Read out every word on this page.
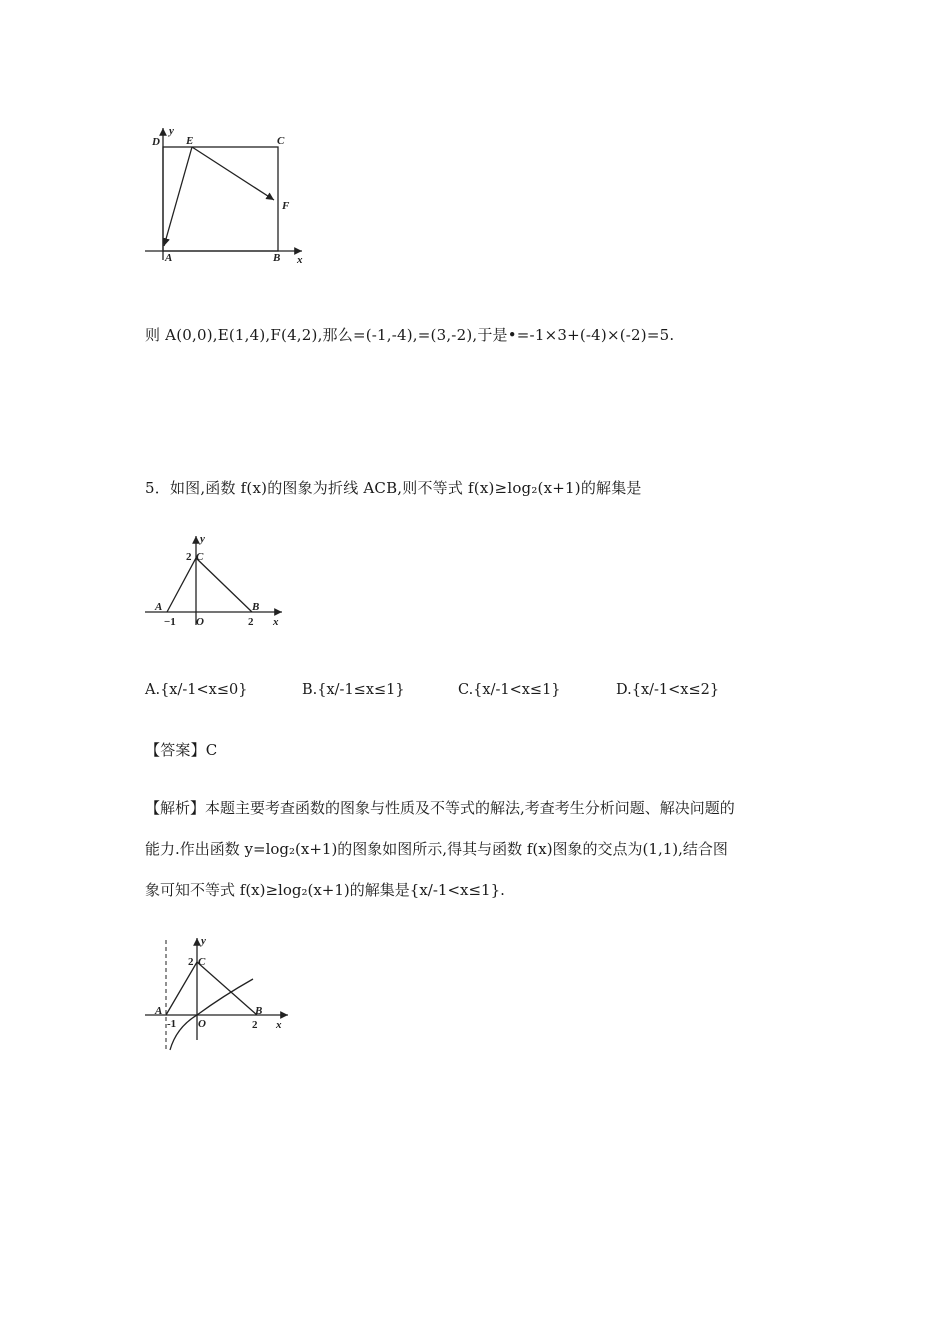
D
y
E	C
F
A	B x
则 A(0,0),E(1,4),F(4,2),那么=(-1,-4),=(3,-2),于是•=-1×3+(-4)×(-2)=5.
5．如图,函数 f(x)的图象为折线 ACB,则不等式 f(x)≥log₂(x+1)的解集是
y
2 C
A	B
−1 O	2 x
A.{x/-1<x≤0}	B.{x/-1≤x≤1}	C.{x/-1<x≤1}	D.{x/-1<x≤2}
【答案】C
【解析】本题主要考查函数的图象与性质及不等式的解法,考查考生分析问题、解决问题的
能力.作出函数 y=log₂(x+1)的图象如图所示,得其与函数 f(x)图象的交点为(1,1),结合图
象可知不等式 f(x)≥log₂(x+1)的解集是{x/-1<x≤1}.
y
2 C
A	B
-1 O	2 x
